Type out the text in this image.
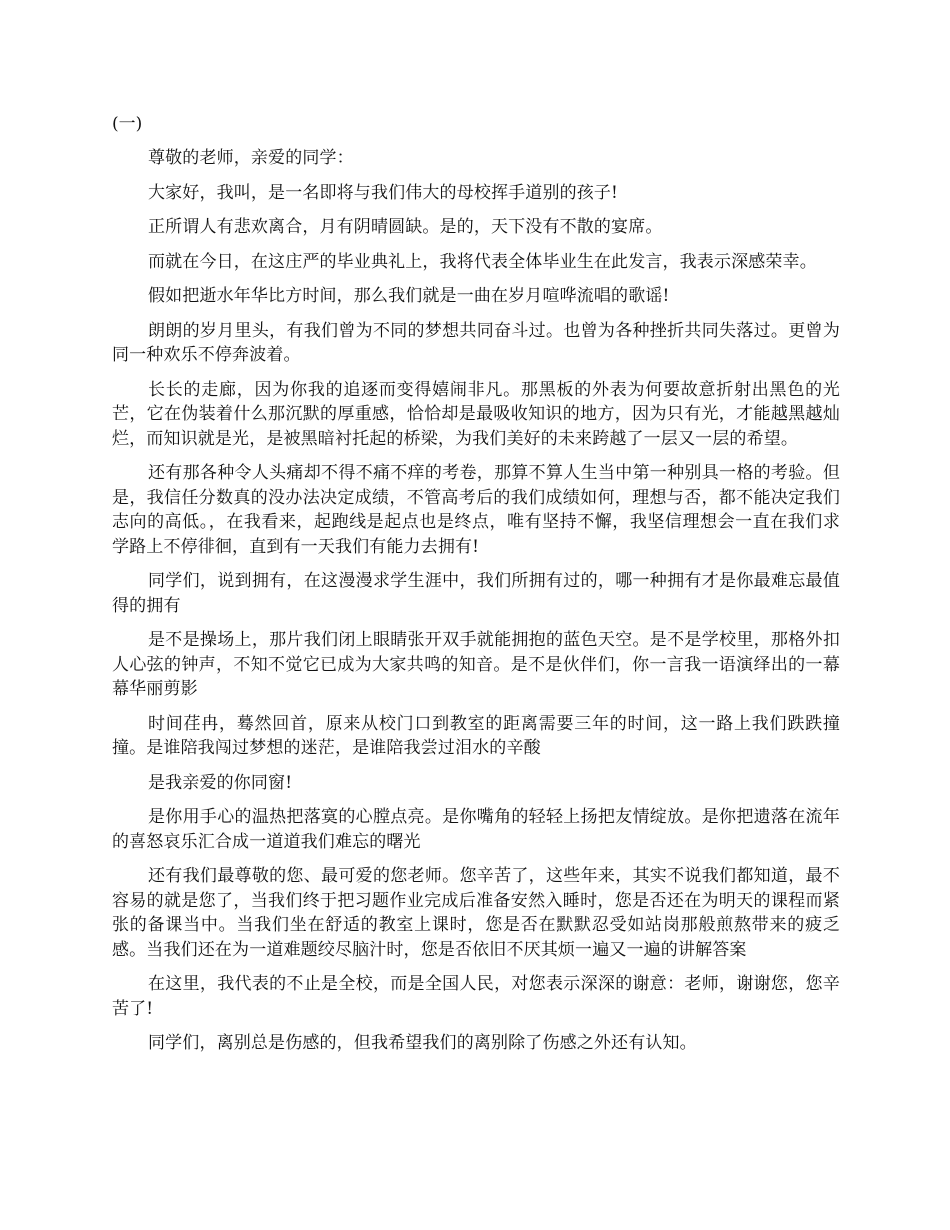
(一)

尊敬的老师，亲爱的同学：

大家好，我叫，是一名即将与我们伟大的母校挥手道别的孩子!

正所谓人有悲欢离合，月有阴晴圆缺。是的，天下没有不散的宴席。

而就在今日，在这庄严的毕业典礼上，我将代表全体毕业生在此发言，我表示深感荣幸。

假如把逝水年华比方时间，那么我们就是一曲在岁月喧哗流唱的歌谣!

朗朗的岁月里头，有我们曾为不同的梦想共同奋斗过。也曾为各种挫折共同失落过。更曾为同一种欢乐不停奔波着。

长长的走廊，因为你我的追逐而变得嬉闹非凡。那黑板的外表为何要故意折射出黑色的光芒，它在伪装着什么那沉默的厚重感，恰恰却是最吸收知识的地方，因为只有光，才能越黑越灿烂，而知识就是光，是被黑暗衬托起的桥梁，为我们美好的未来跨越了一层又一层的希望。

还有那各种令人头痛却不得不痛不痒的考卷，那算不算人生当中第一种别具一格的考验。但是，我信任分数真的没办法决定成绩，不管高考后的我们成绩如何，理想与否，都不能决定我们志向的高低。，在我看来，起跑线是起点也是终点，唯有坚持不懈，我坚信理想会一直在我们求学路上不停徘徊，直到有一天我们有能力去拥有!

同学们，说到拥有，在这漫漫求学生涯中，我们所拥有过的，哪一种拥有才是你最难忘最值得的拥有

是不是操场上，那片我们闭上眼睛张开双手就能拥抱的蓝色天空。是不是学校里，那格外扣人心弦的钟声，不知不觉它已成为大家共鸣的知音。是不是伙伴们，你一言我一语演绎出的一幕幕华丽剪影

时间荏冉，蓦然回首，原来从校门口到教室的距离需要三年的时间，这一路上我们跌跌撞撞。是谁陪我闯过梦想的迷茫，是谁陪我尝过泪水的辛酸

是我亲爱的你同窗!

是你用手心的温热把落寞的心膛点亮。是你嘴角的轻轻上扬把友情绽放。是你把遗落在流年的喜怒哀乐汇合成一道道我们难忘的曙光

还有我们最尊敬的您、最可爱的您老师。您辛苦了，这些年来，其实不说我们都知道，最不容易的就是您了，当我们终于把习题作业完成后准备安然入睡时，您是否还在为明天的课程而紧张的备课当中。当我们坐在舒适的教室上课时，您是否在默默忍受如站岗那般煎熬带来的疲乏感。当我们还在为一道难题绞尽脑汁时，您是否依旧不厌其烦一遍又一遍的讲解答案

在这里，我代表的不止是全校，而是全国人民，对您表示深深的谢意：老师，谢谢您，您辛苦了!

同学们，离别总是伤感的，但我希望我们的离别除了伤感之外还有认知。
